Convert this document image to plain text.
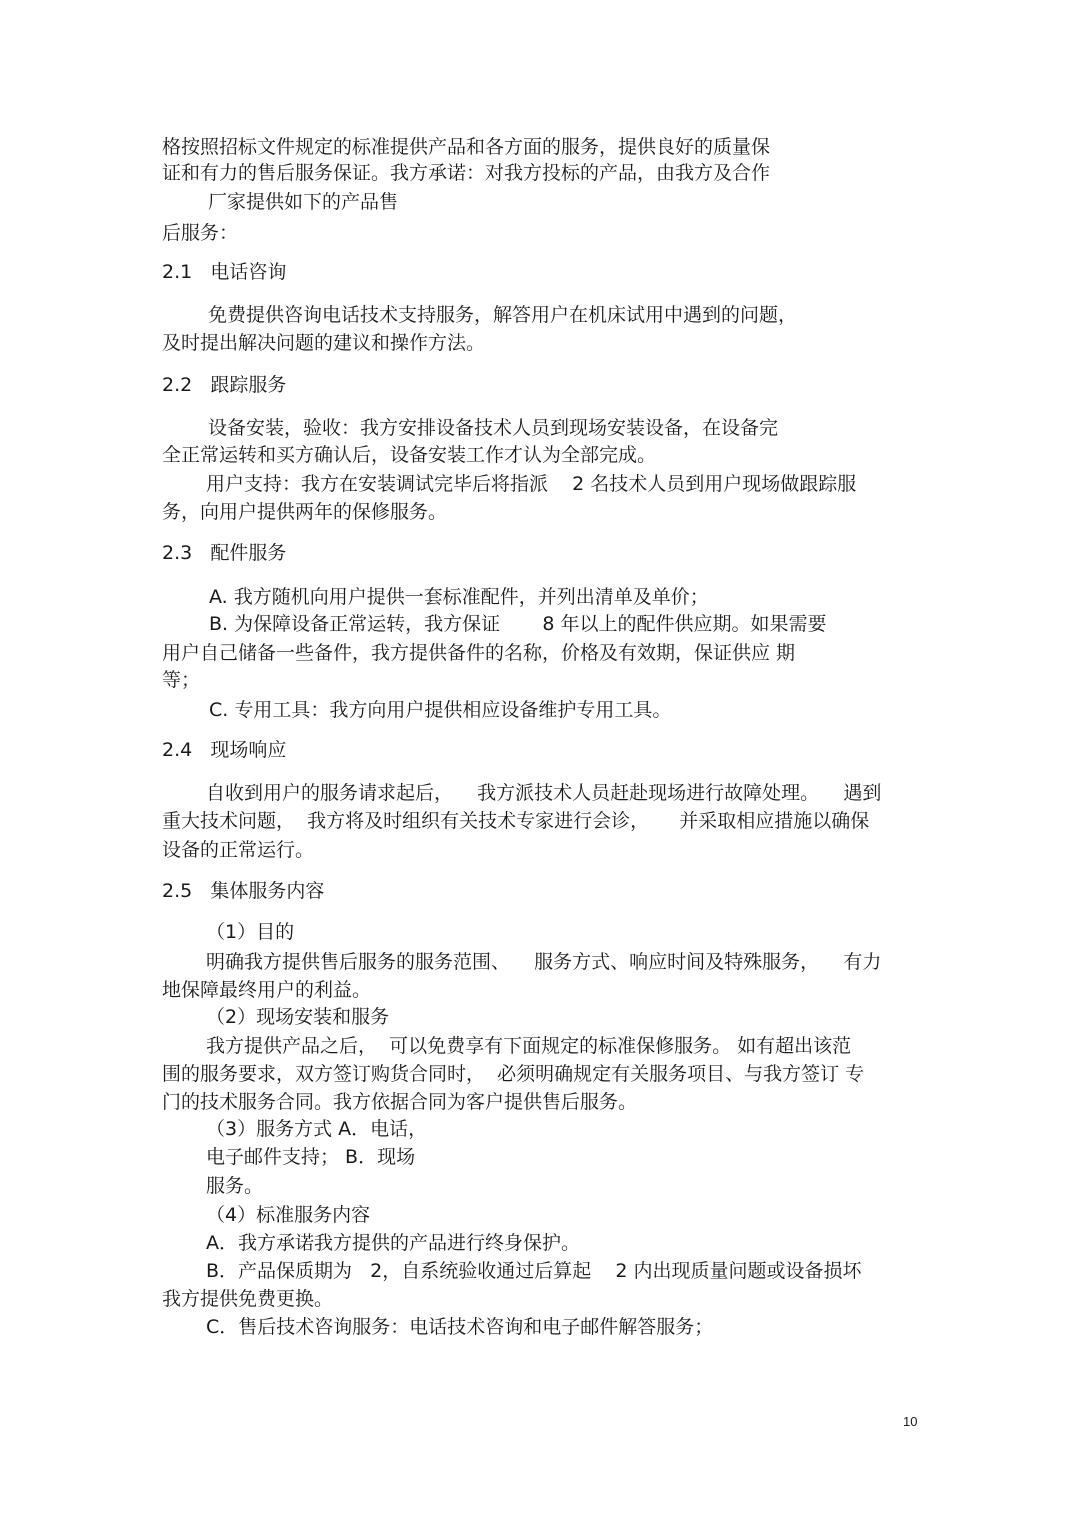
格按照招标文件规定的标准提供产品和各方面的服务，提供良好的质量保

证和有力的售后服务保证。我方承诺：对我方投标的产品，由我方及合作

厂家提供如下的产品售

后服务：

2.1   电话咨询

免费提供咨询电话技术支持服务，解答用户在机床试用中遇到的问题，

及时提出解决问题的建议和操作方法。

2.2   跟踪服务

设备安装，验收：我方安排设备技术人员到现场安装设备，在设备完

全正常运转和买方确认后，设备安装工作才认为全部完成。

用户支持：我方在安装调试完毕后将指派    2 名技术人员到用户现场做跟踪服

务，向用户提供两年的保修服务。

2.3   配件服务

A. 我方随机向用户提供一套标准配件，并列出清单及单价；

B. 为保障设备正常运转，我方保证       8 年以上的配件供应期。如果需要

用户自己储备一些备件，我方提供备件的名称，价格及有效期，保证供应 期

等；

C. 专用工具：我方向用户提供相应设备维护专用工具。

2.4   现场响应

自收到用户的服务请求起后，    我方派技术人员赶赴现场进行故障处理。    遇到

重大技术问题，  我方将及时组织有关技术专家进行会诊，     并采取相应措施以确保

设备的正常运行。

2.5   集体服务内容

（1）目的

明确我方提供售后服务的服务范围、    服务方式、响应时间及特殊服务，    有力

地保障最终用户的利益。

（2）现场安装和服务

我方提供产品之后，  可以免费享有下面规定的标准保修服务。 如有超出该范

围的服务要求，双方签订购货合同时，  必须明确规定有关服务项目、与我方签订 专

门的技术服务合同。我方依据合同为客户提供售后服务。

（3）服务方式 A．电话，

电子邮件支持； B．现场

服务。

（4）标准服务内容

A．我方承诺我方提供的产品进行终身保护。

B．产品保质期为   2，自系统验收通过后算起    2 内出现质量问题或设备损坏

我方提供免费更换。

C．售后技术咨询服务：电话技术咨询和电子邮件解答服务；

10
